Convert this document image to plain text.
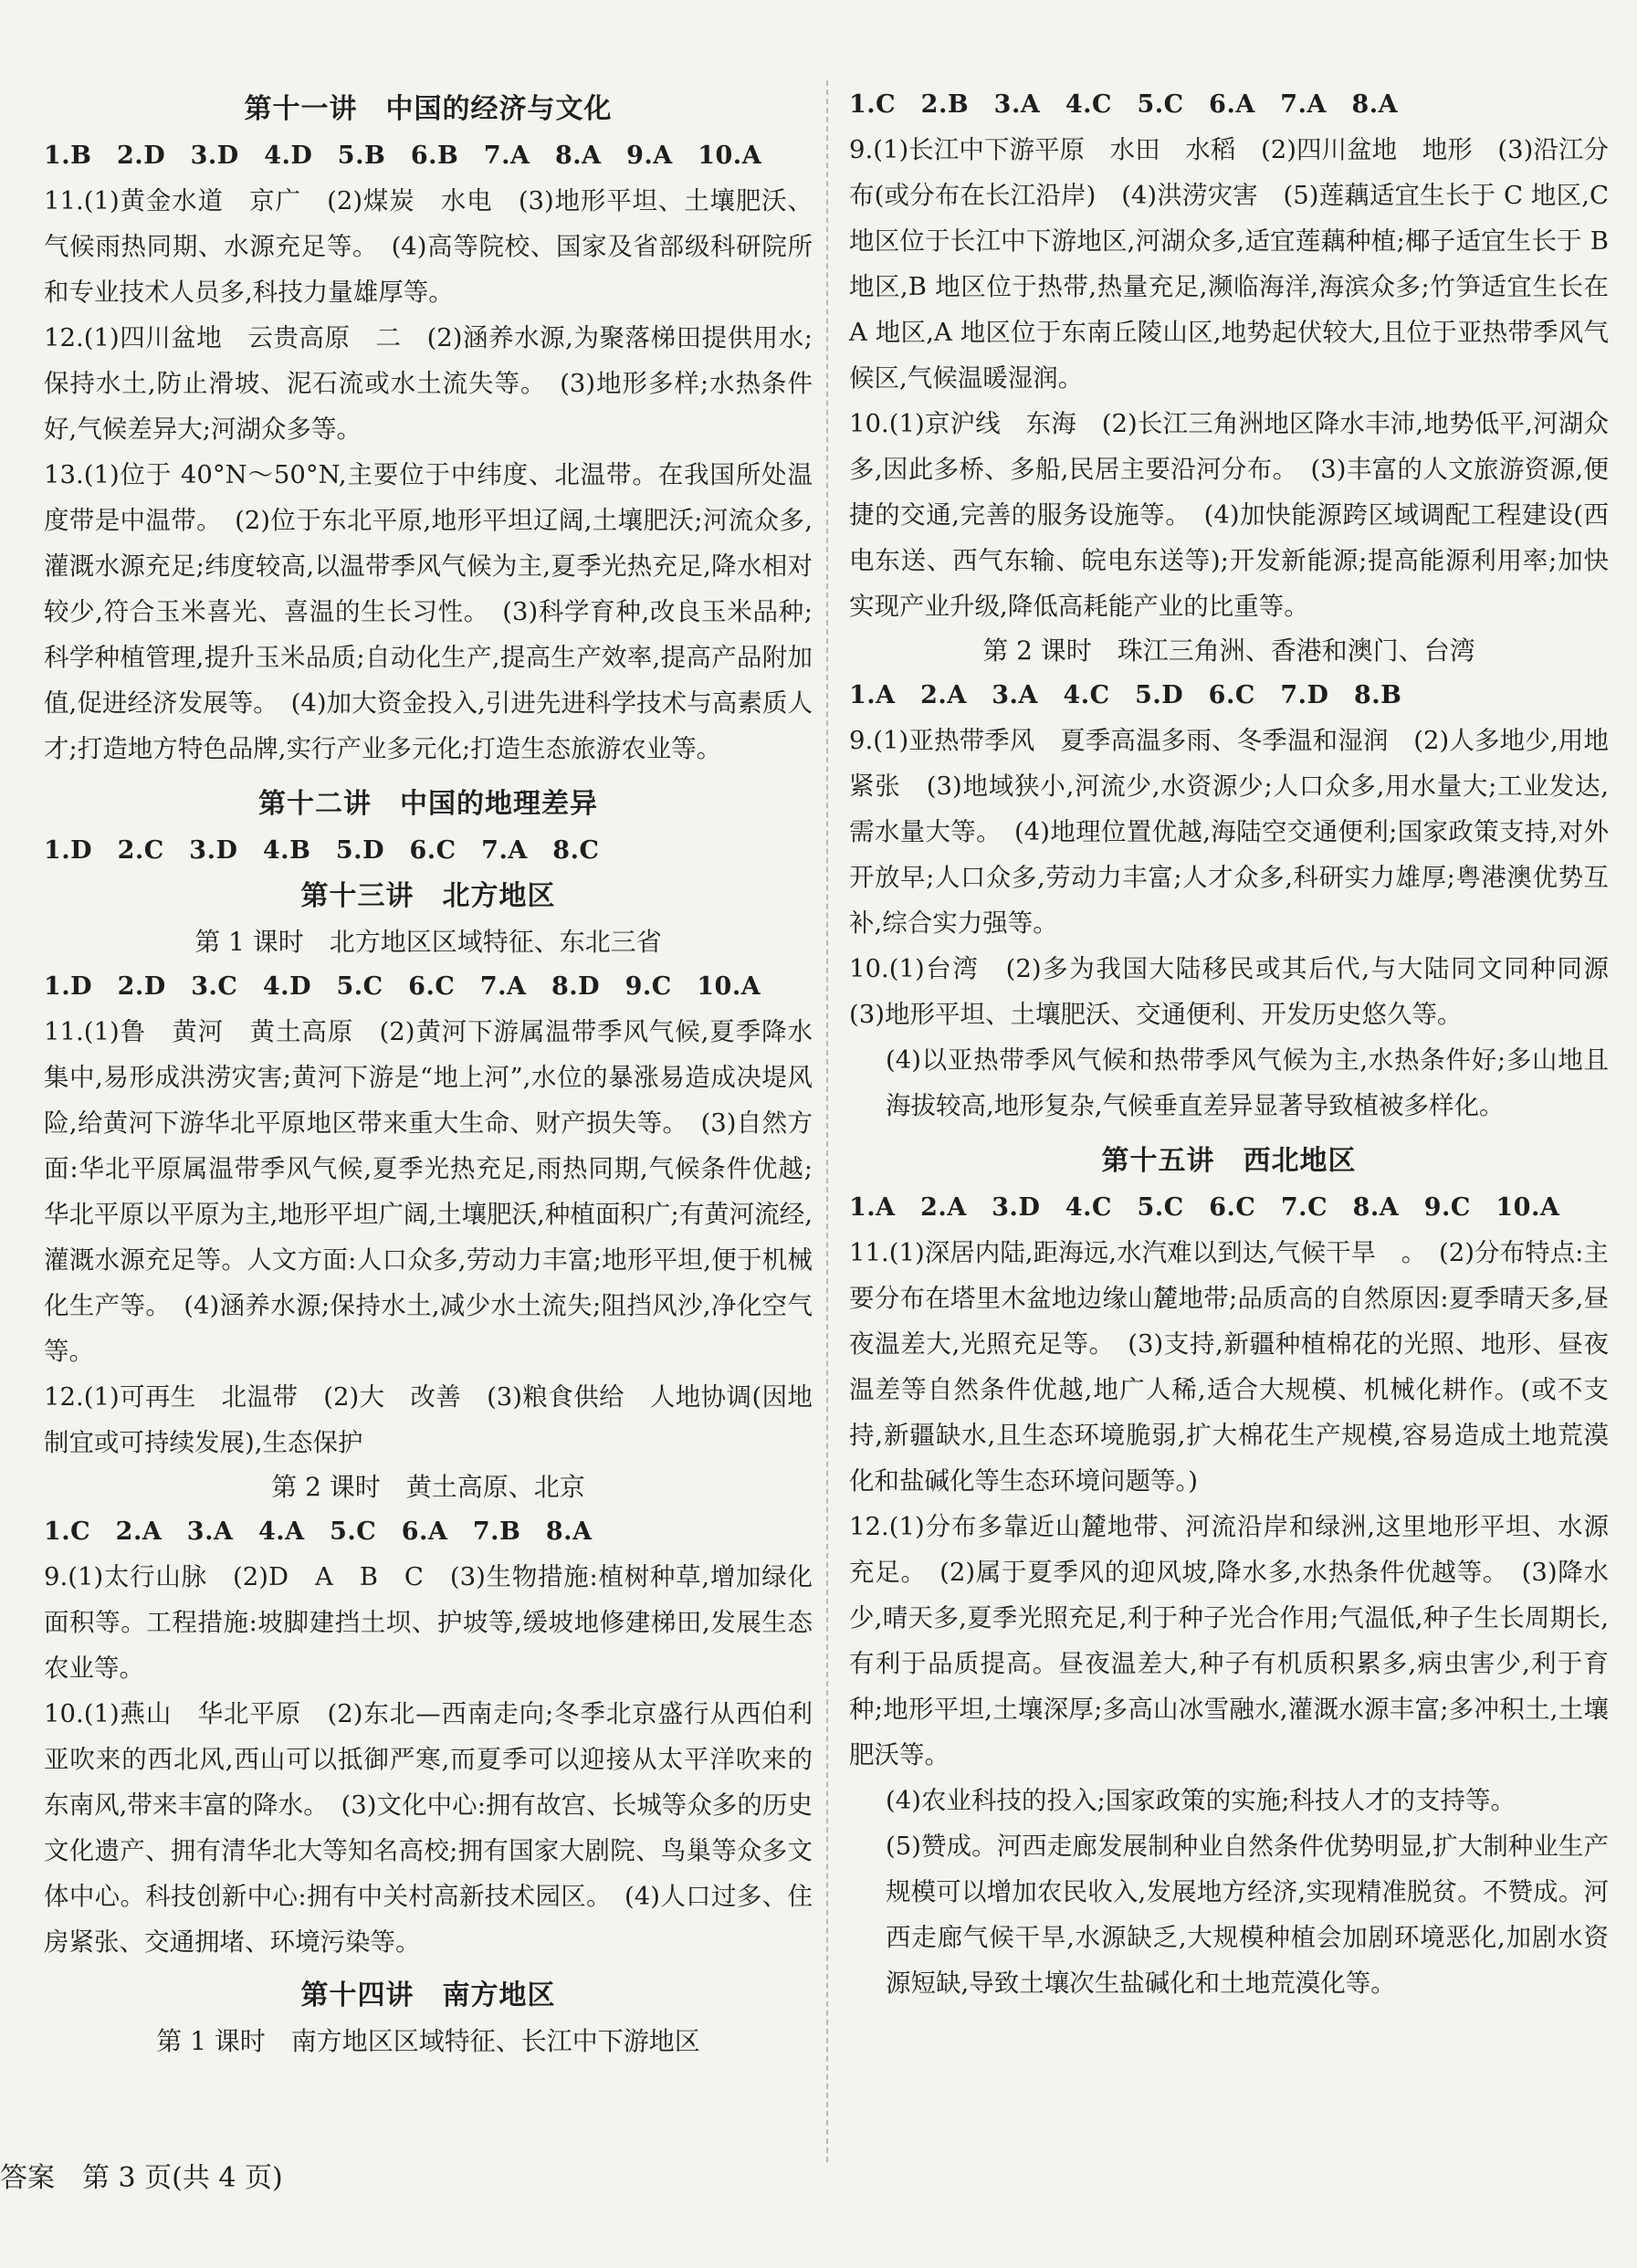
第十一讲　中国的经济与文化
1.B　2.D　3.D　4.D　5.B　6.B　7.A　8.A　9.A　10.A

11.(1)黄金水道　京广　(2)煤炭　水电　(3)地形平坦、土壤肥沃、气候雨热同期、水源充足等。　(4)高等院校、国家及省部级科研院所和专业技术人员多,科技力量雄厚等。

12.(1)四川盆地　云贵高原　二　(2)涵养水源,为聚落梯田提供用水;保持水土,防止滑坡、泥石流或水土流失等。　(3)地形多样;水热条件好,气候差异大;河湖众多等。

13.(1)位于 40°N～50°N,主要位于中纬度、北温带。在我国所处温度带是中温带。　(2)位于东北平原,地形平坦辽阔,土壤肥沃;河流众多,灌溉水源充足;纬度较高,以温带季风气候为主,夏季光热充足,降水相对较少,符合玉米喜光、喜温的生长习性。　(3)科学育种,改良玉米品种;科学种植管理,提升玉米品质;自动化生产,提高生产效率,提高产品附加值,促进经济发展等。　(4)加大资金投入,引进先进科学技术与高素质人才;打造地方特色品牌,实行产业多元化;打造生态旅游农业等。

第十二讲　中国的地理差异
1.D　2.C　3.D　4.B　5.D　6.C　7.A　8.C
第十三讲　北方地区
第 1 课时　北方地区区域特征、东北三省
1.D　2.D　3.C　4.D　5.C　6.C　7.A　8.D　9.C　10.A

11.(1)鲁　黄河　黄土高原　(2)黄河下游属温带季风气候,夏季降水集中,易形成洪涝灾害;黄河下游是“地上河”,水位的暴涨易造成决堤风险,给黄河下游华北平原地区带来重大生命、财产损失等。　(3)自然方面:华北平原属温带季风气候,夏季光热充足,雨热同期,气候条件优越;华北平原以平原为主,地形平坦广阔,土壤肥沃,种植面积广;有黄河流经,灌溉水源充足等。人文方面:人口众多,劳动力丰富;地形平坦,便于机械化生产等。　(4)涵养水源;保持水土,减少水土流失;阻挡风沙,净化空气等。

12.(1)可再生　北温带　(2)大　改善　(3)粮食供给　人地协调(因地制宜或可持续发展),生态保护

第 2 课时　黄土高原、北京
1.C　2.A　3.A　4.A　5.C　6.A　7.B　8.A

9.(1)太行山脉　(2)D　A　B　C　(3)生物措施:植树种草,增加绿化面积等。工程措施:坡脚建挡土坝、护坡等,缓坡地修建梯田,发展生态农业等。

10.(1)燕山　华北平原　(2)东北—西南走向;冬季北京盛行从西伯利亚吹来的西北风,西山可以抵御严寒,而夏季可以迎接从太平洋吹来的东南风,带来丰富的降水。　(3)文化中心:拥有故宫、长城等众多的历史文化遗产、拥有清华北大等知名高校;拥有国家大剧院、鸟巢等众多文体中心。科技创新中心:拥有中关村高新技术园区。　(4)人口过多、住房紧张、交通拥堵、环境污染等。

第十四讲　南方地区
第 1 课时　南方地区区域特征、长江中下游地区
1.C　2.B　3.A　4.C　5.C　6.A　7.A　8.A

9.(1)长江中下游平原　水田　水稻　(2)四川盆地　地形　(3)沿江分布(或分布在长江沿岸)　(4)洪涝灾害　(5)莲藕适宜生长于 C 地区,C 地区位于长江中下游地区,河湖众多,适宜莲藕种植;椰子适宜生长于 B 地区,B 地区位于热带,热量充足,濒临海洋,海滨众多;竹笋适宜生长在 A 地区,A 地区位于东南丘陵山区,地势起伏较大,且位于亚热带季风气候区,气候温暖湿润。

10.(1)京沪线　东海　(2)长江三角洲地区降水丰沛,地势低平,河湖众多,因此多桥、多船,民居主要沿河分布。　(3)丰富的人文旅游资源,便捷的交通,完善的服务设施等。　(4)加快能源跨区域调配工程建设(西电东送、西气东输、皖电东送等);开发新能源;提高能源利用率;加快实现产业升级,降低高耗能产业的比重等。

第 2 课时　珠江三角洲、香港和澳门、台湾
1.A　2.A　3.A　4.C　5.D　6.C　7.D　8.B

9.(1)亚热带季风　夏季高温多雨、冬季温和湿润　(2)人多地少,用地紧张　(3)地域狭小,河流少,水资源少;人口众多,用水量大;工业发达,需水量大等。　(4)地理位置优越,海陆空交通便利;国家政策支持,对外开放早;人口众多,劳动力丰富;人才众多,科研实力雄厚;粤港澳优势互补,综合实力强等。

10.(1)台湾　(2)多为我国大陆移民或其后代,与大陆同文同种同源　(3)地形平坦、土壤肥沃、交通便利、开发历史悠久等。

(4)以亚热带季风气候和热带季风气候为主,水热条件好;多山地且海拔较高,地形复杂,气候垂直差异显著导致植被多样化。

第十五讲　西北地区
1.A　2.A　3.D　4.C　5.C　6.C　7.C　8.A　9.C　10.A

11.(1)深居内陆,距海远,水汽难以到达,气候干旱　。　(2)分布特点:主要分布在塔里木盆地边缘山麓地带;品质高的自然原因:夏季晴天多,昼夜温差大,光照充足等。　(3)支持,新疆种植棉花的光照、地形、昼夜温差等自然条件优越,地广人稀,适合大规模、机械化耕作。(或不支持,新疆缺水,且生态环境脆弱,扩大棉花生产规模,容易造成土地荒漠化和盐碱化等生态环境问题等。)

12.(1)分布多靠近山麓地带、河流沿岸和绿洲,这里地形平坦、水源充足。　(2)属于夏季风的迎风坡,降水多,水热条件优越等。　(3)降水少,晴天多,夏季光照充足,利于种子光合作用;气温低,种子生长周期长,有利于品质提高。昼夜温差大,种子有机质积累多,病虫害少,利于育种;地形平坦,土壤深厚;多高山冰雪融水,灌溉水源丰富;多冲积土,土壤肥沃等。

(4)农业科技的投入;国家政策的实施;科技人才的支持等。

(5)赞成。河西走廊发展制种业自然条件优势明显,扩大制种业生产规模可以增加农民收入,发展地方经济,实现精准脱贫。不赞成。河西走廊气候干旱,水源缺乏,大规模种植会加剧环境恶化,加剧水资源短缺,导致土壤次生盐碱化和土地荒漠化等。

答案　第 3 页(共 4 页)
